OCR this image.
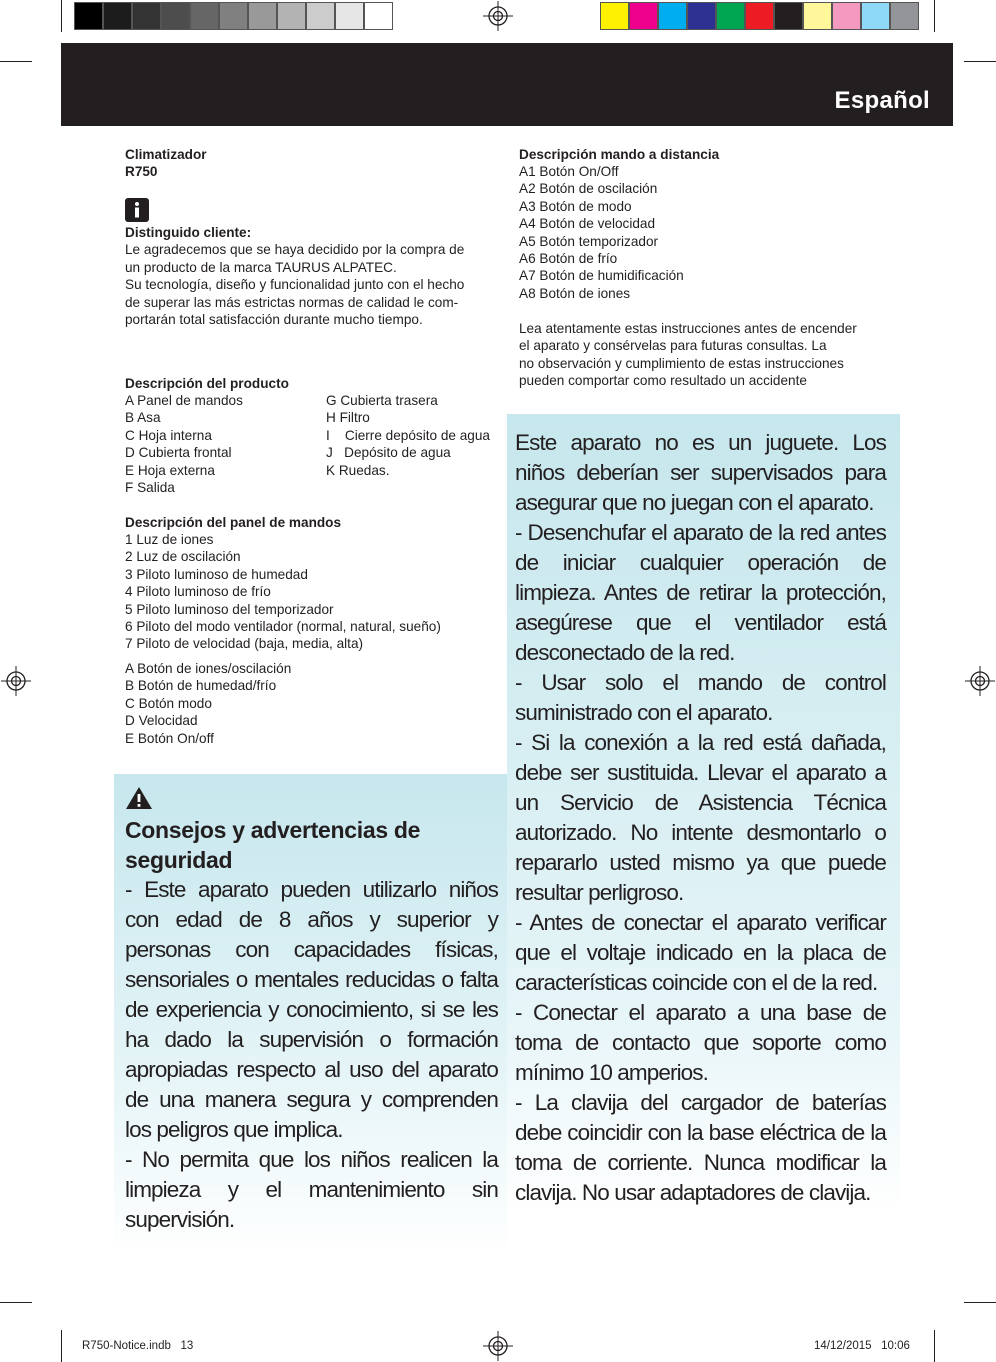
Español
Climatizador
R750
Distinguido cliente:
Le agradecemos que se haya decidido por la compra de
un producto de la marca TAURUS ALPATEC.
Su tecnología, diseño y funcionalidad junto con el hecho
de superar las más estrictas normas de calidad le com-
portarán total satisfacción durante mucho tiempo.
Descripción del producto
A Panel de mandos
B Asa
C Hoja interna
D Cubierta frontal
E Hoja externa
F Salida
G Cubierta trasera
H Filtro
I    Cierre depósito de agua
J   Depósito de agua
K Ruedas.
Descripción del panel de mandos
1 Luz de iones
2 Luz de oscilación
3 Piloto luminoso de humedad
4 Piloto luminoso de frío
5 Piloto luminoso del temporizador
6 Piloto del modo ventilador (normal, natural, sueño)
7 Piloto de velocidad (baja, media, alta)
A Botón de iones/oscilación
B Botón de humedad/frío
C Botón modo
D Velocidad
E Botón On/off
Descripción mando a distancia
A1 Botón On/Off
A2 Botón de oscilación
A3 Botón de modo
A4 Botón de velocidad
A5 Botón temporizador
A6 Botón de frío
A7 Botón de humidificación
A8 Botón de iones
Lea atentamente estas instrucciones antes de encender
el aparato y consérvelas para futuras consultas. La
no observación y cumplimiento de estas instrucciones
pueden comportar como resultado un accidente
Consejos y advertencias de seguridad
- Este aparato pueden utilizarlo niños con edad de 8 años y superior y personas con capacidades físicas, sensoriales o mentales reducidas o falta de experiencia y conocimiento, si se les ha dado la supervisión o formación apropiadas respecto al uso del aparato de una manera segura y comprenden los peligros que implica.
- No permita que los niños realicen la limpieza y el mantenimiento sin supervisión.
Este aparato no es un juguete. Los niños deberían ser supervisados para asegurar que no juegan con el aparato.
- Desenchufar el aparato de la red antes de iniciar cualquier operación de limpieza. Antes de retirar la protección, asegúrese que el ventilador está desconectado de la red.
- Usar solo el mando de control suministrado con el aparato.
- Si la conexión a la red está dañada, debe ser sustituida. Llevar el aparato a un Servicio de Asistencia Técnica autorizado. No intente desmontarlo o repararlo usted mismo ya que puede resultar perligroso.
- Antes de conectar el aparato verificar que el voltaje indicado en la placa de características coincide con el de la red.
- Conectar el aparato a una base de toma de contacto que soporte como mínimo 10 amperios.
- La clavija del cargador de baterías debe coincidir con la base eléctrica de la toma de corriente. Nunca modificar la clavija. No usar adaptadores de clavija.
R750-Notice.indb   13	14/12/2015   10:06
